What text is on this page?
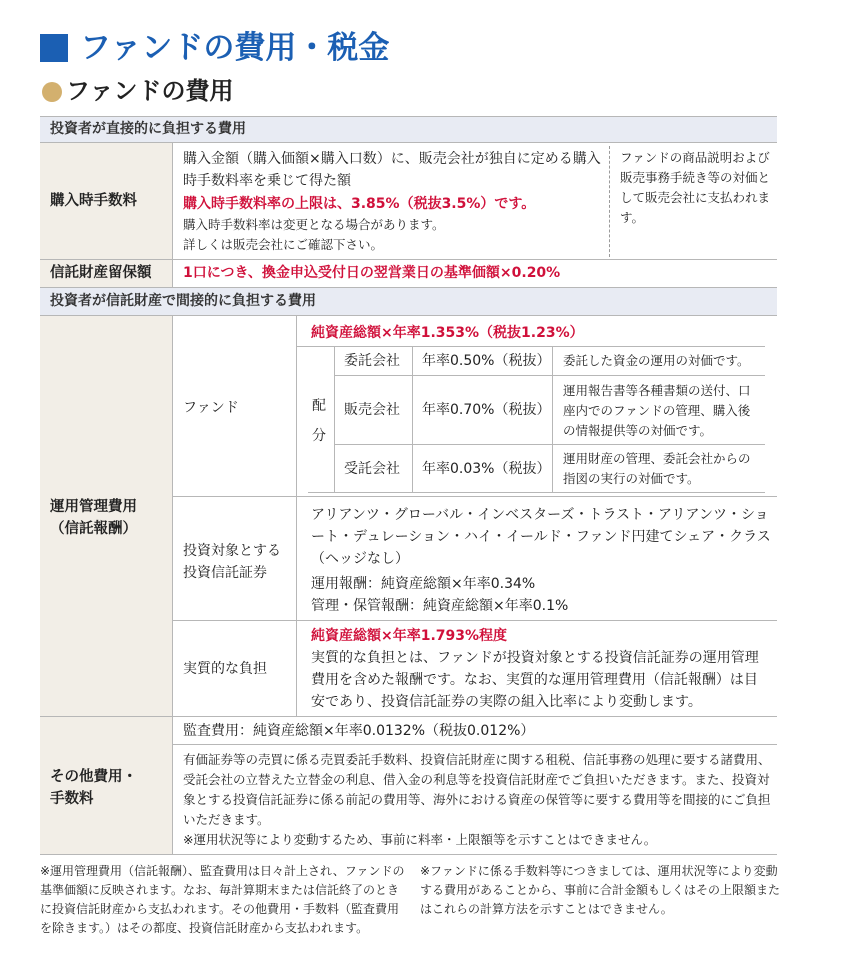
ファンドの費用・税金
ファンドの費用
投資者が直接的に負担する費用
購入時手数料
購入金額（購入価額×購入口数）に、販売会社が独自に定める購入時手数料率を乗じて得た額
購入時手数料率の上限は、3.85%（税抜3.5%）です。
購入時手数料率は変更となる場合があります。
詳しくは販売会社にご確認下さい。
ファンドの商品説明および販売事務手続き等の対価として販売会社に支払われます。
信託財産留保額 1口につき、換金申込受付日の翌営業日の基準価額×0.20%
投資者が信託財産で間接的に負担する費用
運用管理費用
（信託報酬）
ファンド
純資産総額×年率1.353%（税抜1.23%）
配
分
委託会社 年率0.50%（税抜） 委託した資金の運用の対価です。
販売会社 年率0.70%（税抜）
運用報告書等各種書類の送付、口座内でのファンドの管理、購入後の情報提供等の対価です。
受託会社 年率0.03%（税抜）
運用財産の管理、委託会社からの指図の実行の対価です。
投資対象とする
投資信託証券
アリアンツ・グローバル・インベスターズ・トラスト・アリアンツ・ショート・デュレーション・ハイ・イールド・ファンド円建てシェア・クラス（ヘッジなし）
運用報酬：純資産総額×年率0.34%
管理・保管報酬：純資産総額×年率0.1%
実質的な負担
純資産総額×年率1.793%程度
実質的な負担とは、ファンドが投資対象とする投資信託証券の運用管理費用を含めた報酬です。なお、実質的な運用管理費用（信託報酬）は目安であり、投資信託証券の実際の組入比率により変動します。
その他費用・
手数料
監査費用：純資産総額×年率0.0132%（税抜0.012%）
有価証券等の売買に係る売買委託手数料、投資信託財産に関する租税、信託事務の処理に要する諸費用、受託会社の立替えた立替金の利息、借入金の利息等を投資信託財産でご負担いただきます。また、投資対象とする投資信託証券に係る前記の費用等、海外における資産の保管等に要する費用等を間接的にご負担いただきます。
※運用状況等により変動するため、事前に料率・上限額等を示すことはできません。
※運用管理費用（信託報酬）、監査費用は日々計上され、ファンドの基準価額に反映されます。なお、毎計算期末または信託終了のときに投資信託財産から支払われます。その他費用・手数料（監査費用を除きます。）はその都度、投資信託財産から支払われます。
※ファンドに係る手数料等につきましては、運用状況等により変動する費用があることから、事前に合計金額もしくはその上限額またはこれらの計算方法を示すことはできません。
